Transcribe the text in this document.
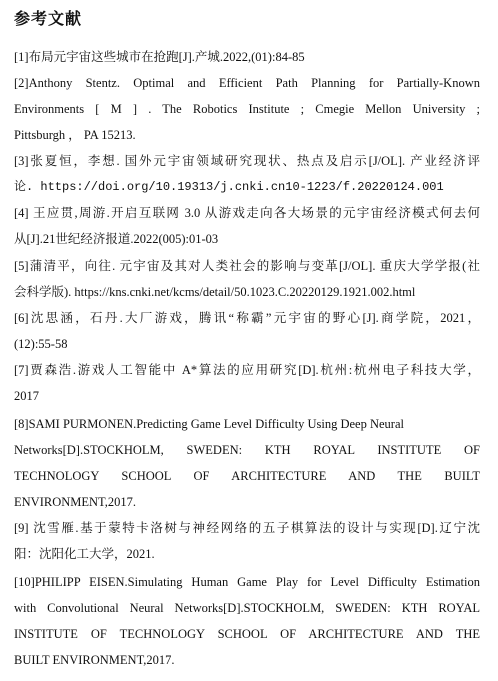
参考文献
[1]布局元宇宙这些城市在抢跑[J].产城.2022,(01):84-85
[2]Anthony Stentz. Optimal and Efficient Path Planning for Partially-Known
Environments [ M ] . The Robotics Institute ; Cmegie Mellon University ;
Pittsburgh ， PA 15213.
[3]张夏恒，李想. 国外元宇宙领域研究现状、热点及启示[J/OL]. 产业经济评
论. https://doi.org/10.19313/j.cnki.cn10-1223/f.20220124.001
[4] 王应贯,周游.开启互联网 3.0 从游戏走向各大场景的元宇宙经济模式何去何
从[J].21世纪经济报道.2022(005):01-03
[5]蒲清平，向往. 元宇宙及其对人类社会的影响与变革[J/OL]. 重庆大学学报(社
会科学版). https://kns.cnki.net/kcms/detail/50.1023.C.20220129.1921.002.html
[6]沈思涵，石丹.大厂游戏，腾讯“称霸”元宇宙的野心[J].商学院，2021，
(12):55-58
[7]贾森浩.游戏人工智能中 A*算法的应用研究[D].杭州:杭州电子科技大学，
2017
[8]SAMI PURMONEN.Predicting Game Level Difficulty Using Deep Neural
Networks[D].STOCKHOLM, SWEDEN: KTH ROYAL INSTITUTE OF
TECHNOLOGY SCHOOL OF ARCHITECTURE AND THE BUILT
ENVIRONMENT,2017.
[9] 沈雪雁.基于蒙特卡洛树与神经网络的五子棋算法的设计与实现[D].辽宁沈
阳：沈阳化工大学，2021.
[10]PHILIPP EISEN.Simulating Human Game Play for Level Difficulty Estimation
with Convolutional Neural Networks[D].STOCKHOLM, SWEDEN: KTH ROYAL
INSTITUTE OF TECHNOLOGY SCHOOL OF ARCHITECTURE AND THE
BUILT ENVIRONMENT,2017.
